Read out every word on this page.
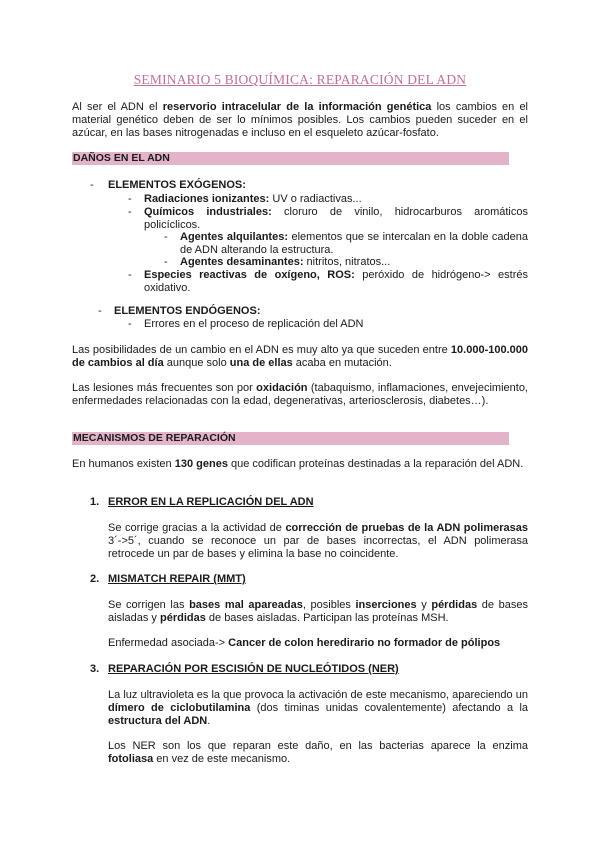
SEMINARIO 5 BIOQUÍMICA: REPARACIÓN DEL ADN
Al ser el ADN el reservorio intracelular de la información genética los cambios en el material genético deben de ser lo mínimos posibles. Los cambios pueden suceder en el azúcar, en las bases nitrogenadas e incluso en el esqueleto azúcar-fosfato.
DAÑOS EN EL ADN
- ELEMENTOS EXÓGENOS:
- Radiaciones ionizantes: UV o radiactivas...
- Químicos industriales: cloruro de vinilo, hidrocarburos aromáticos policíclicos.
- Agentes alquilantes: elementos que se intercalan en la doble cadena de ADN alterando la estructura.
- Agentes desaminantes: nitritos, nitratos...
- Especies reactivas de oxígeno, ROS: peróxido de hidrógeno-> estrés oxidativo.
- ELEMENTOS ENDÓGENOS:
- Errores en el proceso de replicación del ADN
Las posibilidades de un cambio en el ADN es muy alto ya que suceden entre 10.000-100.000 de cambios al día aunque solo una de ellas acaba en mutación.
Las lesiones más frecuentes son por oxidación (tabaquismo, inflamaciones, envejecimiento, enfermedades relacionadas con la edad, degenerativas, arteriosclerosis, diabetes…).
MECANISMOS DE REPARACIÓN
En humanos existen 130 genes que codifican proteínas destinadas a la reparación del ADN.
1. ERROR EN LA REPLICACIÓN DEL ADN
Se corrige gracias a la actividad de corrección de pruebas de la ADN polimerasas 3´->5´, cuando se reconoce un par de bases incorrectas, el ADN polimerasa retrocede un par de bases y elimina la base no coincidente.
2. MISMATCH REPAIR (MMT)
Se corrigen las bases mal apareadas, posibles inserciones y pérdidas de bases aisladas y pérdidas de bases aisladas. Participan las proteínas MSH.
Enfermedad asociada-> Cancer de colon heredirario no formador de pólipos
3. REPARACIÓN POR ESCISIÓN DE NUCLEÓTIDOS (NER)
La luz ultravioleta es la que provoca la activación de este mecanismo, apareciendo un dímero de ciclobutilamina (dos timinas unidas covalentemente) afectando a la estructura del ADN.
Los NER son los que reparan este daño, en las bacterias aparece la enzima fotoliasa en vez de este mecanismo.
